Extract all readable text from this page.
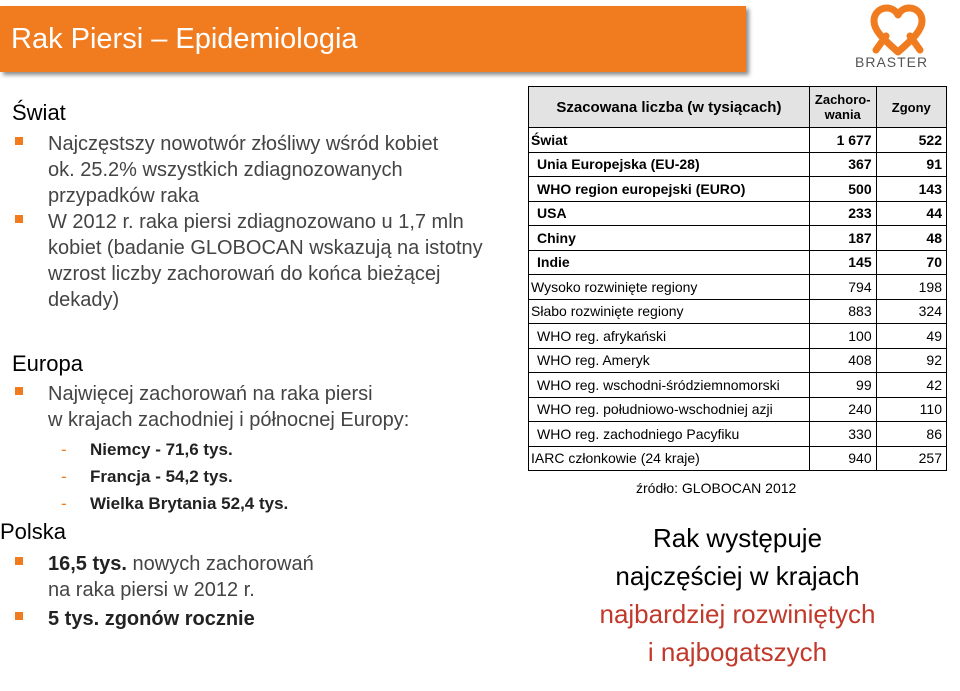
Rak Piersi – Epidemiologia
BRASTER
Świat
Najczęstszy nowotwór złośliwy wśród kobiet
ok. 25.2% wszystkich zdiagnozowanych
przypadków raka
W 2012 r. raka piersi zdiagnozowano u 1,7 mln
kobiet (badanie GLOBOCAN wskazują na istotny
wzrost liczby zachorowań do końca bieżącej
dekady)
Europa
Najwięcej zachorowań na raka piersi
w krajach zachodniej i północnej Europy:
- Niemcy - 71,6 tys.
- Francja - 54,2 tys.
- Wielka Brytania 52,4 tys.
Polska
16,5 tys. nowych zachorowań
na raka piersi w 2012 r.
5 tys. zgonów rocznie
Szacowana liczba (w tysiącach)	Zachoro-wania	Zgony
Świat	1 677	522
Unia Europejska (EU-28)	367	91
WHO region europejski (EURO)	500	143
USA	233	44
Chiny	187	48
Indie	145	70
Wysoko rozwinięte regiony	794	198
Słabo rozwinięte regiony	883	324
WHO reg. afrykański	100	49
WHO reg. Ameryk	408	92
WHO reg. wschodni-śródziemnomorski	99	42
WHO reg. południowo-wschodniej azji	240	110
WHO reg. zachodniego Pacyfiku	330	86
IARC członkowie (24 kraje)	940	257
źródło: GLOBOCAN 2012
Rak występuje
najczęściej w krajach
najbardziej rozwiniętych
i najbogatszych
